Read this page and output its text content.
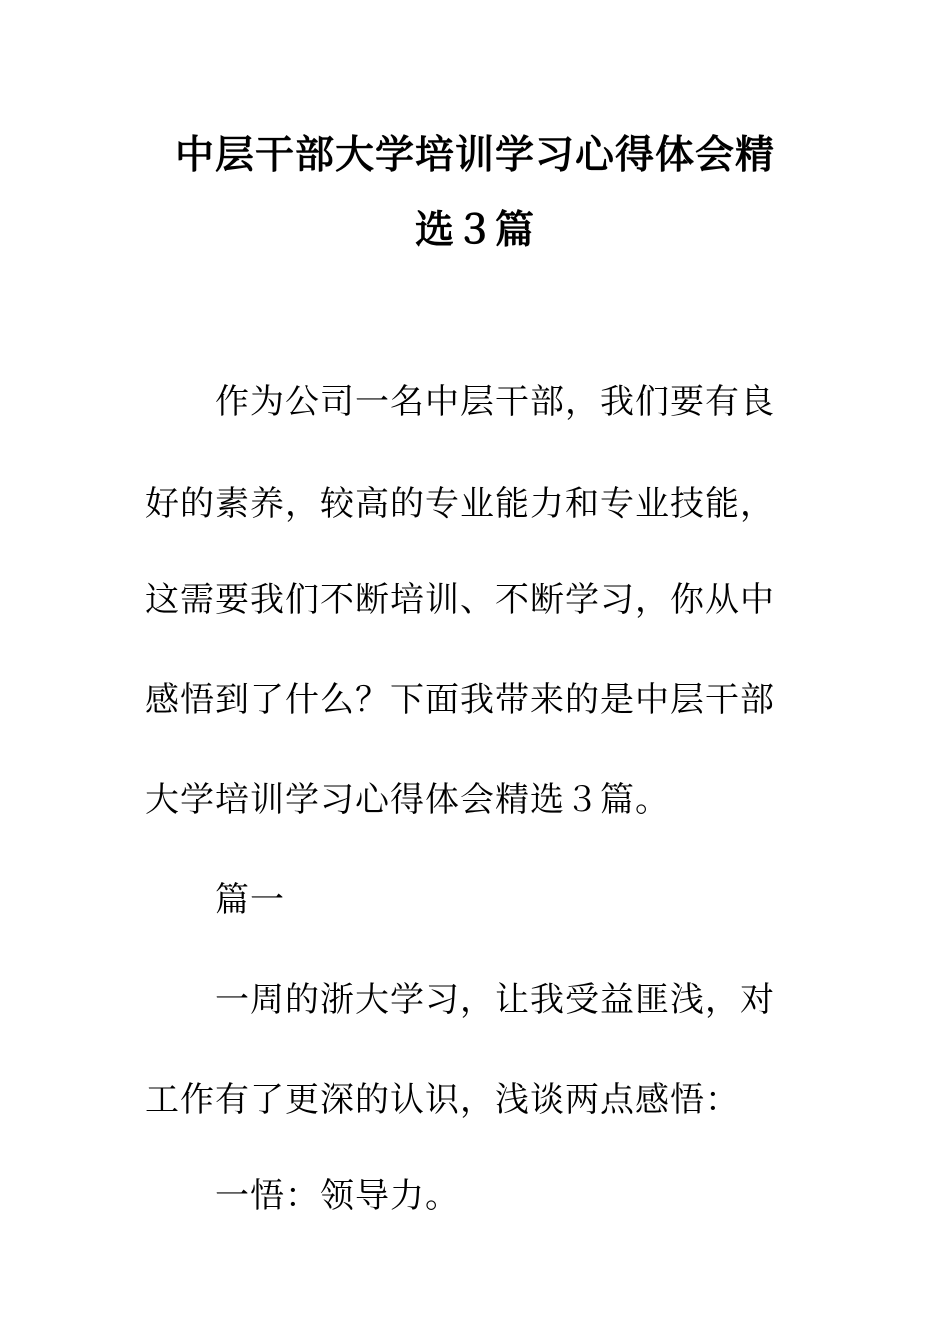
中层干部大学培训学习心得体会精
选３篇
作为公司一名中层干部，我们要有良
好的素养，较高的专业能力和专业技能，
这需要我们不断培训、不断学习，你从中
感悟到了什么？下面我带来的是中层干部
大学培训学习心得体会精选３篇。
篇一
一周的浙大学习，让我受益匪浅，对
工作有了更深的认识，浅谈两点感悟：
一悟：领导力。
